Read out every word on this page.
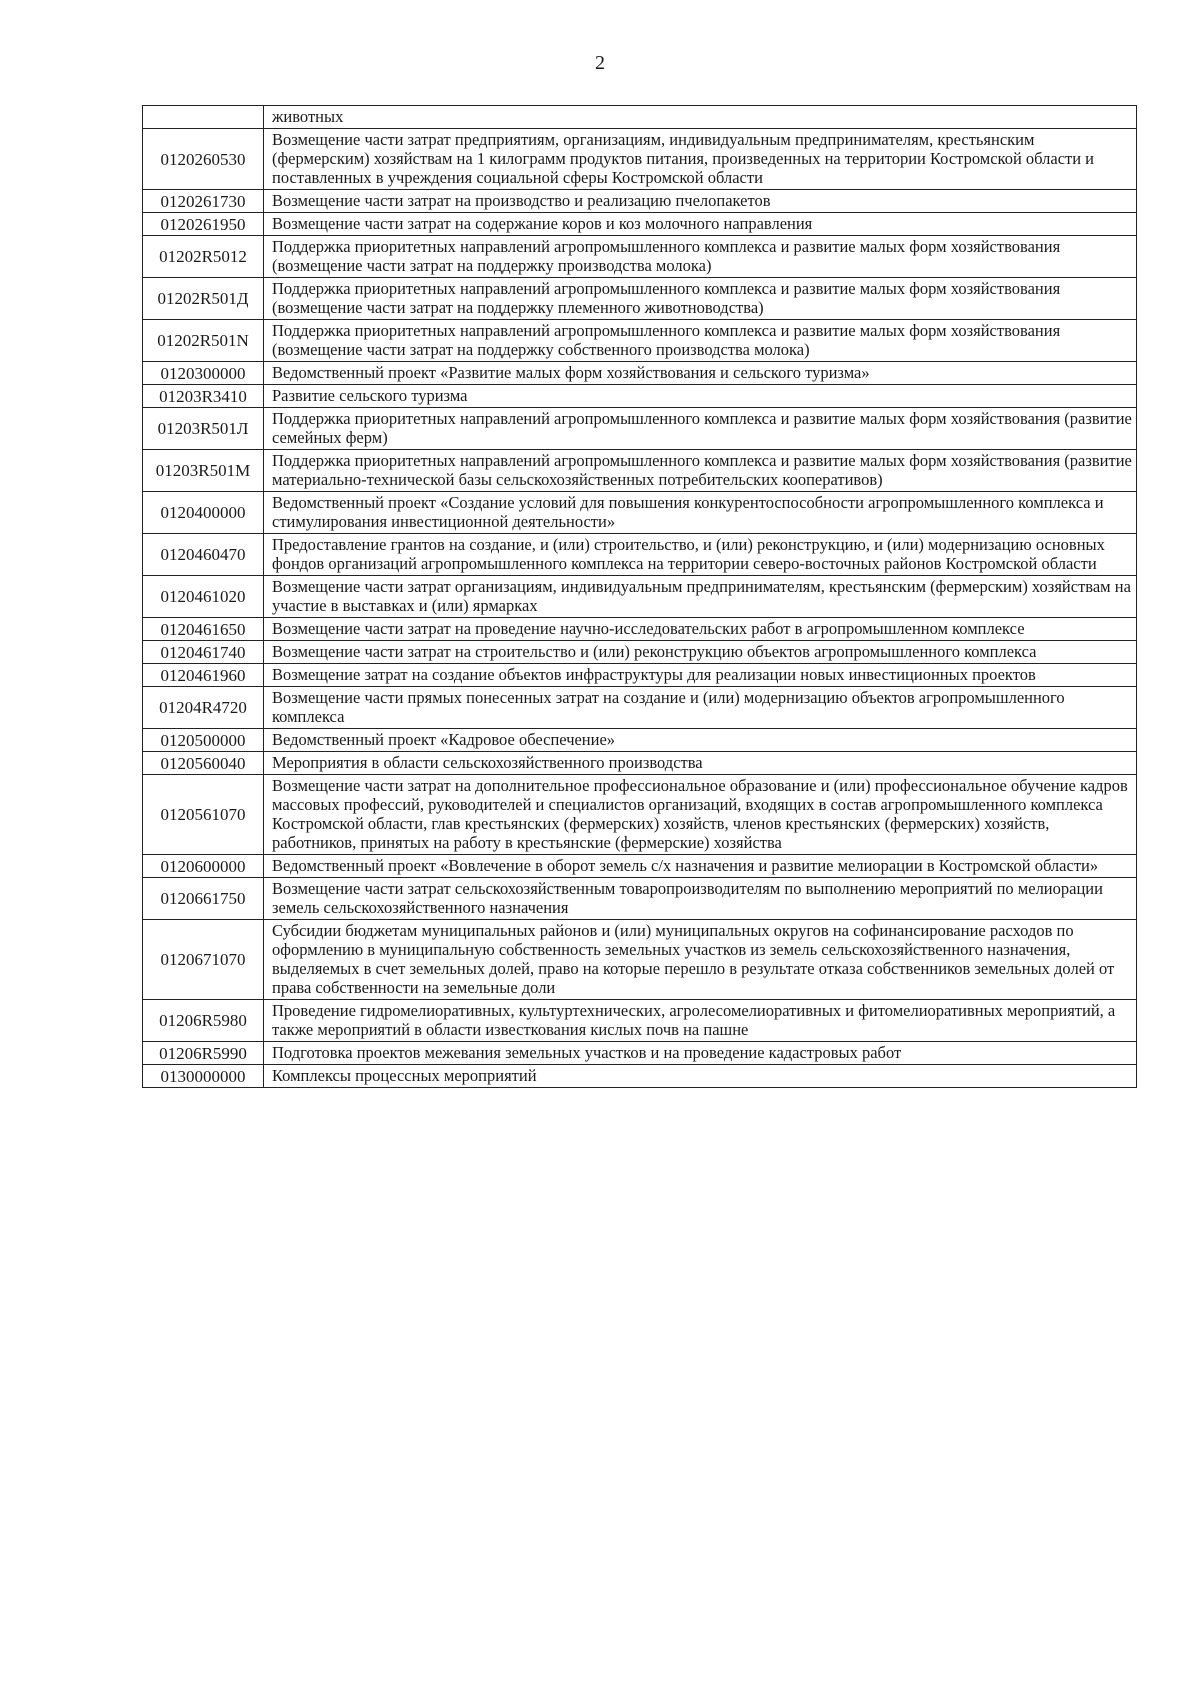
2
	животных
0120260530	Возмещение части затрат предприятиям, организациям, индивидуальным предпринимателям, крестьянским (фермерским) хозяйствам на 1 килограмм продуктов питания, произведенных на территории Костромской области и поставленных в учреждения социальной сферы Костромской области
0120261730	Возмещение части затрат на производство и реализацию пчелопакетов
0120261950	Возмещение части затрат на содержание коров и коз молочного направления
01202R5012	Поддержка приоритетных направлений агропромышленного комплекса и развитие малых форм хозяйствования (возмещение части затрат на поддержку производства молока)
01202R501Д	Поддержка приоритетных направлений агропромышленного комплекса и развитие малых форм хозяйствования (возмещение части затрат на поддержку племенного животноводства)
01202R501N	Поддержка приоритетных направлений агропромышленного комплекса и развитие малых форм хозяйствования (возмещение части затрат на поддержку собственного производства молока)
0120300000	Ведомственный проект «Развитие малых форм хозяйствования и сельского туризма»
01203R3410	Развитие сельского туризма
01203R501Л	Поддержка приоритетных направлений агропромышленного комплекса и развитие малых форм хозяйствования (развитие семейных ферм)
01203R501M	Поддержка приоритетных направлений агропромышленного комплекса и развитие малых форм хозяйствования (развитие материально-технической базы сельскохозяйственных потребительских кооперативов)
0120400000	Ведомственный проект «Создание условий для повышения конкурентоспособности агропромышленного комплекса и стимулирования инвестиционной деятельности»
0120460470	Предоставление грантов на создание, и (или) строительство, и (или) реконструкцию, и (или) модернизацию основных фондов организаций агропромышленного комплекса на территории северо-восточных районов Костромской области
0120461020	Возмещение части затрат организациям, индивидуальным предпринимателям, крестьянским (фермерским) хозяйствам на участие в выставках и (или) ярмарках
0120461650	Возмещение части затрат на проведение научно-исследовательских работ в агропромышленном комплексе
0120461740	Возмещение части затрат на строительство и (или) реконструкцию объектов агропромышленного комплекса
0120461960	Возмещение затрат на создание объектов инфраструктуры для реализации новых инвестиционных проектов
01204R4720	Возмещение части прямых понесенных затрат на создание и (или) модернизацию объектов агропромышленного комплекса
0120500000	Ведомственный проект «Кадровое обеспечение»
0120560040	Мероприятия в области сельскохозяйственного производства
0120561070	Возмещение части затрат на дополнительное профессиональное образование и (или) профессиональное обучение кадров массовых профессий, руководителей и специалистов организаций, входящих в состав агропромышленного комплекса Костромской области, глав крестьянских (фермерских) хозяйств, членов крестьянских (фермерских) хозяйств, работников, принятых на работу в крестьянские (фермерские) хозяйства
0120600000	Ведомственный проект «Вовлечение в оборот земель с/х назначения и развитие мелиорации в Костромской области»
0120661750	Возмещение части затрат сельскохозяйственным товаропроизводителям по выполнению мероприятий по мелиорации земель сельскохозяйственного назначения
0120671070	Субсидии бюджетам муниципальных районов и (или) муниципальных округов на софинансирование расходов по оформлению в муниципальную собственность земельных участков из земель сельскохозяйственного назначения, выделяемых в счет земельных долей, право на которые перешло в результате отказа собственников земельных долей от права собственности на земельные доли
01206R5980	Проведение гидромелиоративных, культуртехнических, агролесомелиоративных и фитомелиоративных мероприятий, а также мероприятий в области известкования кислых почв на пашне
01206R5990	Подготовка проектов межевания земельных участков и на проведение кадастровых работ
0130000000	Комплексы процессных мероприятий
